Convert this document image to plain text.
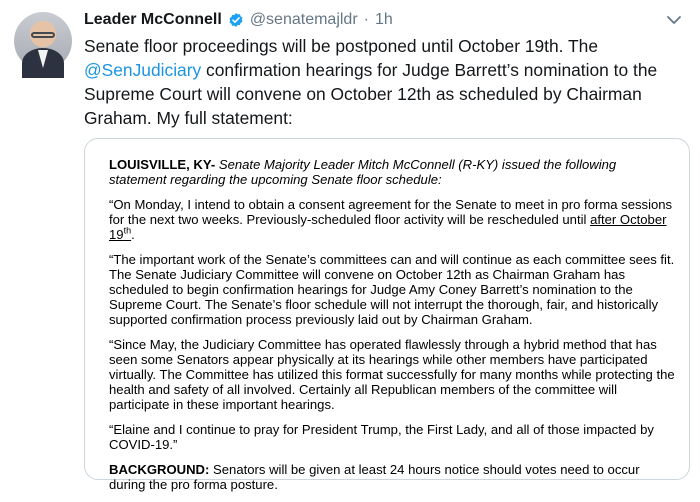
Leader McConnell @senatemajldr · 1h
Senate floor proceedings will be postponed until October 19th. The @SenJudiciary confirmation hearings for Judge Barrett’s nomination to the Supreme Court will convene on October 12th as scheduled by Chairman Graham. My full statement:

LOUISVILLE, KY- Senate Majority Leader Mitch McConnell (R-KY) issued the following statement regarding the upcoming Senate floor schedule:

“On Monday, I intend to obtain a consent agreement for the Senate to meet in pro forma sessions for the next two weeks. Previously-scheduled floor activity will be rescheduled until after October 19th.

“The important work of the Senate’s committees can and will continue as each committee sees fit. The Senate Judiciary Committee will convene on October 12th as Chairman Graham has scheduled to begin confirmation hearings for Judge Amy Coney Barrett’s nomination to the Supreme Court. The Senate’s floor schedule will not interrupt the thorough, fair, and historically supported confirmation process previously laid out by Chairman Graham.

“Since May, the Judiciary Committee has operated flawlessly through a hybrid method that has seen some Senators appear physically at its hearings while other members have participated virtually. The Committee has utilized this format successfully for many months while protecting the health and safety of all involved. Certainly all Republican members of the committee will participate in these important hearings.

“Elaine and I continue to pray for President Trump, the First Lady, and all of those impacted by COVID-19.”

BACKGROUND: Senators will be given at least 24 hours notice should votes need to occur during the pro forma posture.
